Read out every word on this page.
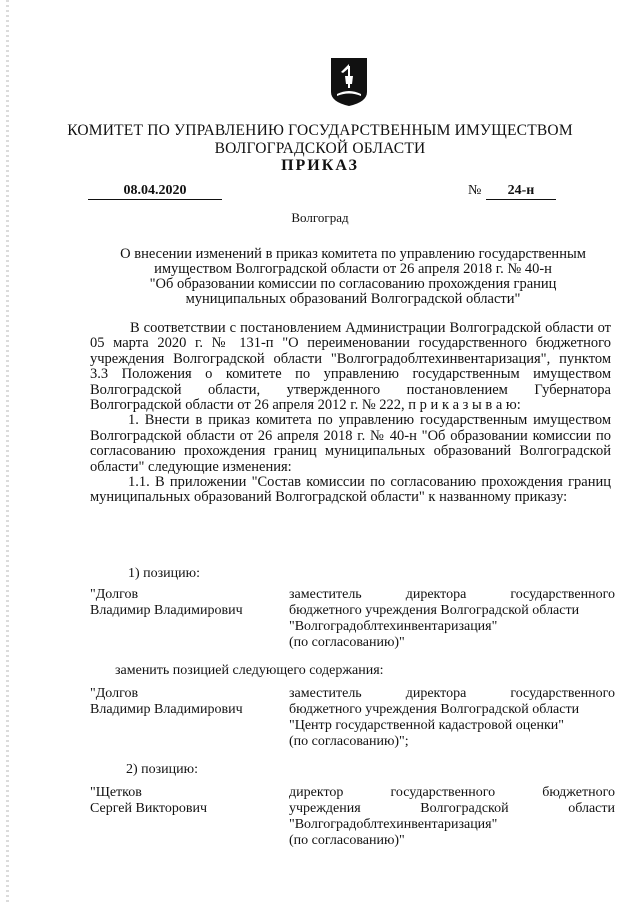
КОМИТЕТ ПО УПРАВЛЕНИЮ ГОСУДАРСТВЕННЫМ ИМУЩЕСТВОМ
ВОЛГОГРАДСКОЙ ОБЛАСТИ
ПРИКАЗ
08.04.2020	№	24-н
Волгоград
О внесении изменений в приказ комитета по управлению государственным
имуществом Волгоградской области от 26 апреля 2018 г. № 40-н
"Об образовании комиссии по согласованию прохождения границ
муниципальных образований Волгоградской области"

В соответствии с постановлением Администрации Волгоградской области от 05 марта 2020 г. № 131-п "О переименовании государственного бюджетного учреждения Волгоградской области "Волгоградоблтехинвентаризация", пунктом 3.3 Положения о комитете по управлению государственным имуществом Волгоградской области, утвержденного постановлением Губернатора Волгоградской области от 26 апреля 2012 г. № 222, п р и к а з ы в а ю:

1. Внести в приказ комитета по управлению государственным имуществом Волгоградской области от 26 апреля 2018 г. № 40-н "Об образовании комиссии по согласованию прохождения границ муниципальных образований Волгоградской области" следующие изменения:

1.1. В приложении "Состав комиссии по согласованию прохождения границ муниципальных образований Волгоградской области" к названному приказу:

1) позицию:
"Долгов
Владимир Владимирович
заместитель директора государственного
бюджетного учреждения Волгоградской области
"Волгоградоблтехинвентаризация"
(по согласованию)"
заменить позицией следующего содержания:
"Долгов
Владимир Владимирович
заместитель директора государственного
бюджетного учреждения Волгоградской области
"Центр государственной кадастровой оценки"
(по согласованию)";
2) позицию:
"Щетков
Сергей Викторович
директор государственного бюджетного
учреждения Волгоградской области
"Волгоградоблтехинвентаризация"
(по согласованию)"
